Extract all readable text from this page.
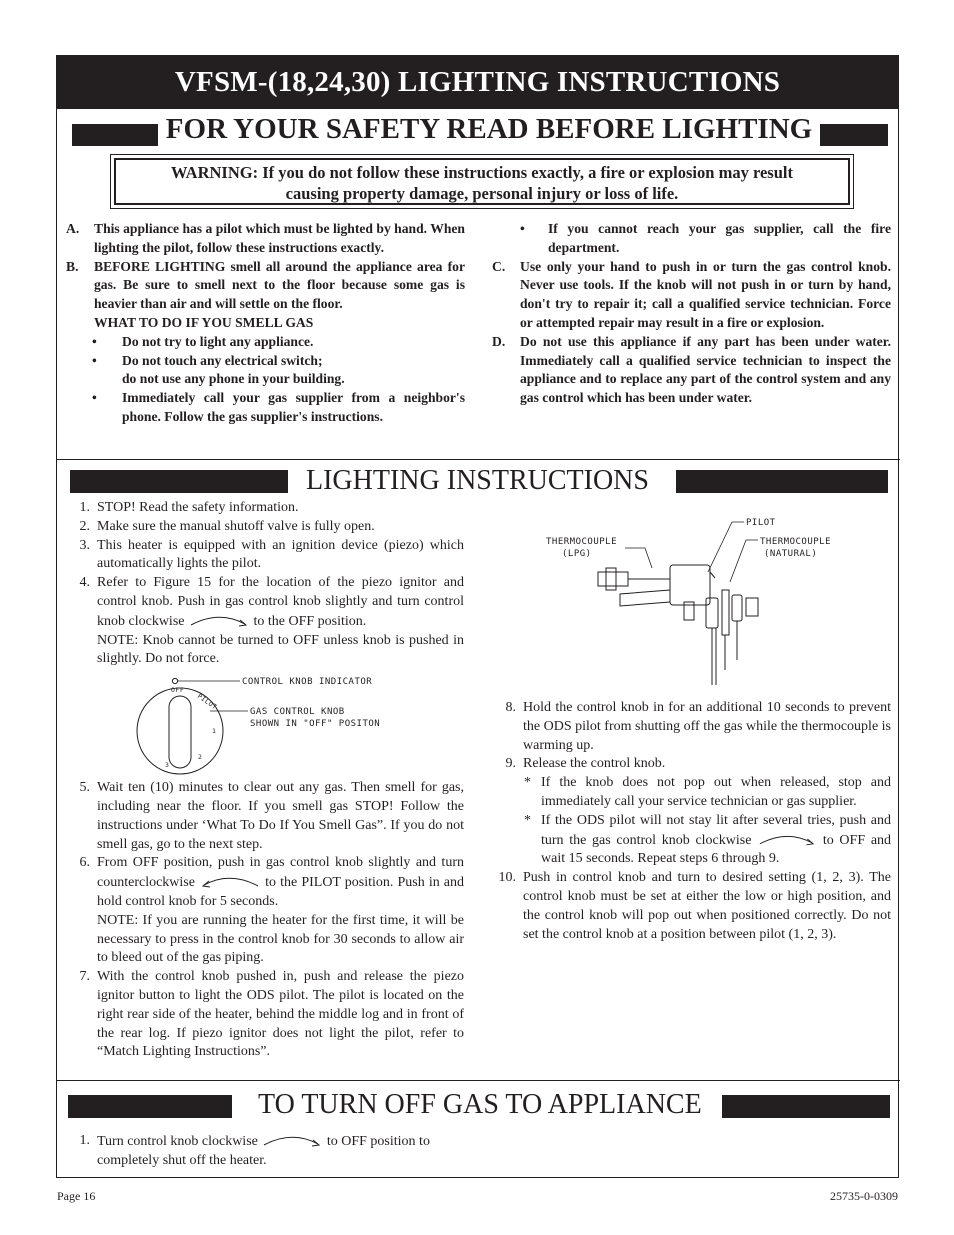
VFSM-(18,24,30) LIGHTING INSTRUCTIONS
FOR YOUR SAFETY READ BEFORE LIGHTING
WARNING: If you do not follow these instructions exactly, a fire or explosion may result
causing property damage, personal injury or loss of life.
A. This appliance has a pilot which must be lighted by hand. When lighting the pilot, follow these instructions exactly.
B. BEFORE LIGHTING smell all around the appliance area for gas. Be sure to smell next to the floor because some gas is heavier than air and will settle on the floor.
WHAT TO DO IF YOU SMELL GAS
• Do not try to light any appliance.
• Do not touch any electrical switch;
do not use any phone in your building.
• Immediately call your gas supplier from a neighbor's phone. Follow the gas supplier's instructions.
• If you cannot reach your gas supplier, call the fire department.
C. Use only your hand to push in or turn the gas control knob. Never use tools. If the knob will not push in or turn by hand, don't try to repair it; call a qualified service technician. Force or attempted repair may result in a fire or explosion.
D. Do not use this appliance if any part has been under water. Immediately call a qualified service technician to inspect the appliance and to replace any part of the control system and any gas control which has been under water.
LIGHTING INSTRUCTIONS
1. STOP! Read the safety information.
2. Make sure the manual shutoff valve is fully open.
3. This heater is equipped with an ignition device (piezo) which automatically lights the pilot.
4. Refer to Figure 15 for the location of the piezo ignitor and control knob. Push in gas control knob slightly and turn control knob clockwise	to the OFF position.
NOTE: Knob cannot be turned to OFF unless knob is pushed in slightly. Do not force.
CONTROL KNOB INDICATOR
OFF
PILOT
1
2
3
GAS CONTROL KNOB
SHOWN IN "OFF" POSITON
5. Wait ten (10) minutes to clear out any gas. Then smell for gas, including near the floor. If you smell gas STOP! Follow the instructions under ‘What To Do If You Smell Gas”. If you do not smell gas, go to the next step.
6. From OFF position, push in gas control knob slightly and turn counterclockwise	to the PILOT position. Push in and hold control knob for 5 seconds.
NOTE: If you are running the heater for the first time, it will be necessary to press in the control knob for 30 seconds to allow air to bleed out of the gas piping.
7. With the control knob pushed in, push and release the piezo ignitor button to light the ODS pilot. The pilot is located on the right rear side of the heater, behind the middle log and in front of the rear log. If piezo ignitor does not light the pilot, refer to “Match Lighting Instructions”.
THERMOCOUPLE
(LPG)
PILOT
THERMOCOUPLE
(NATURAL)
8. Hold the control knob in for an additional 10 seconds to prevent the ODS pilot from shutting off the gas while the thermocouple is warming up.
9. Release the control knob.
* If the knob does not pop out when released, stop and immediately call your service technician or gas supplier.
* If the ODS pilot will not stay lit after several tries, push and turn the gas control knob clockwise	to OFF and wait 15 seconds. Repeat steps 6 through 9.
10. Push in control knob and turn to desired setting (1, 2, 3). The control knob must be set at either the low or high position, and the control knob will pop out when positioned correctly. Do not set the control knob at a position between pilot (1, 2, 3).
TO TURN OFF GAS TO APPLIANCE
1. Turn control knob clockwise	to OFF position to
completely shut off the heater.
Page 16	25735-0-0309
